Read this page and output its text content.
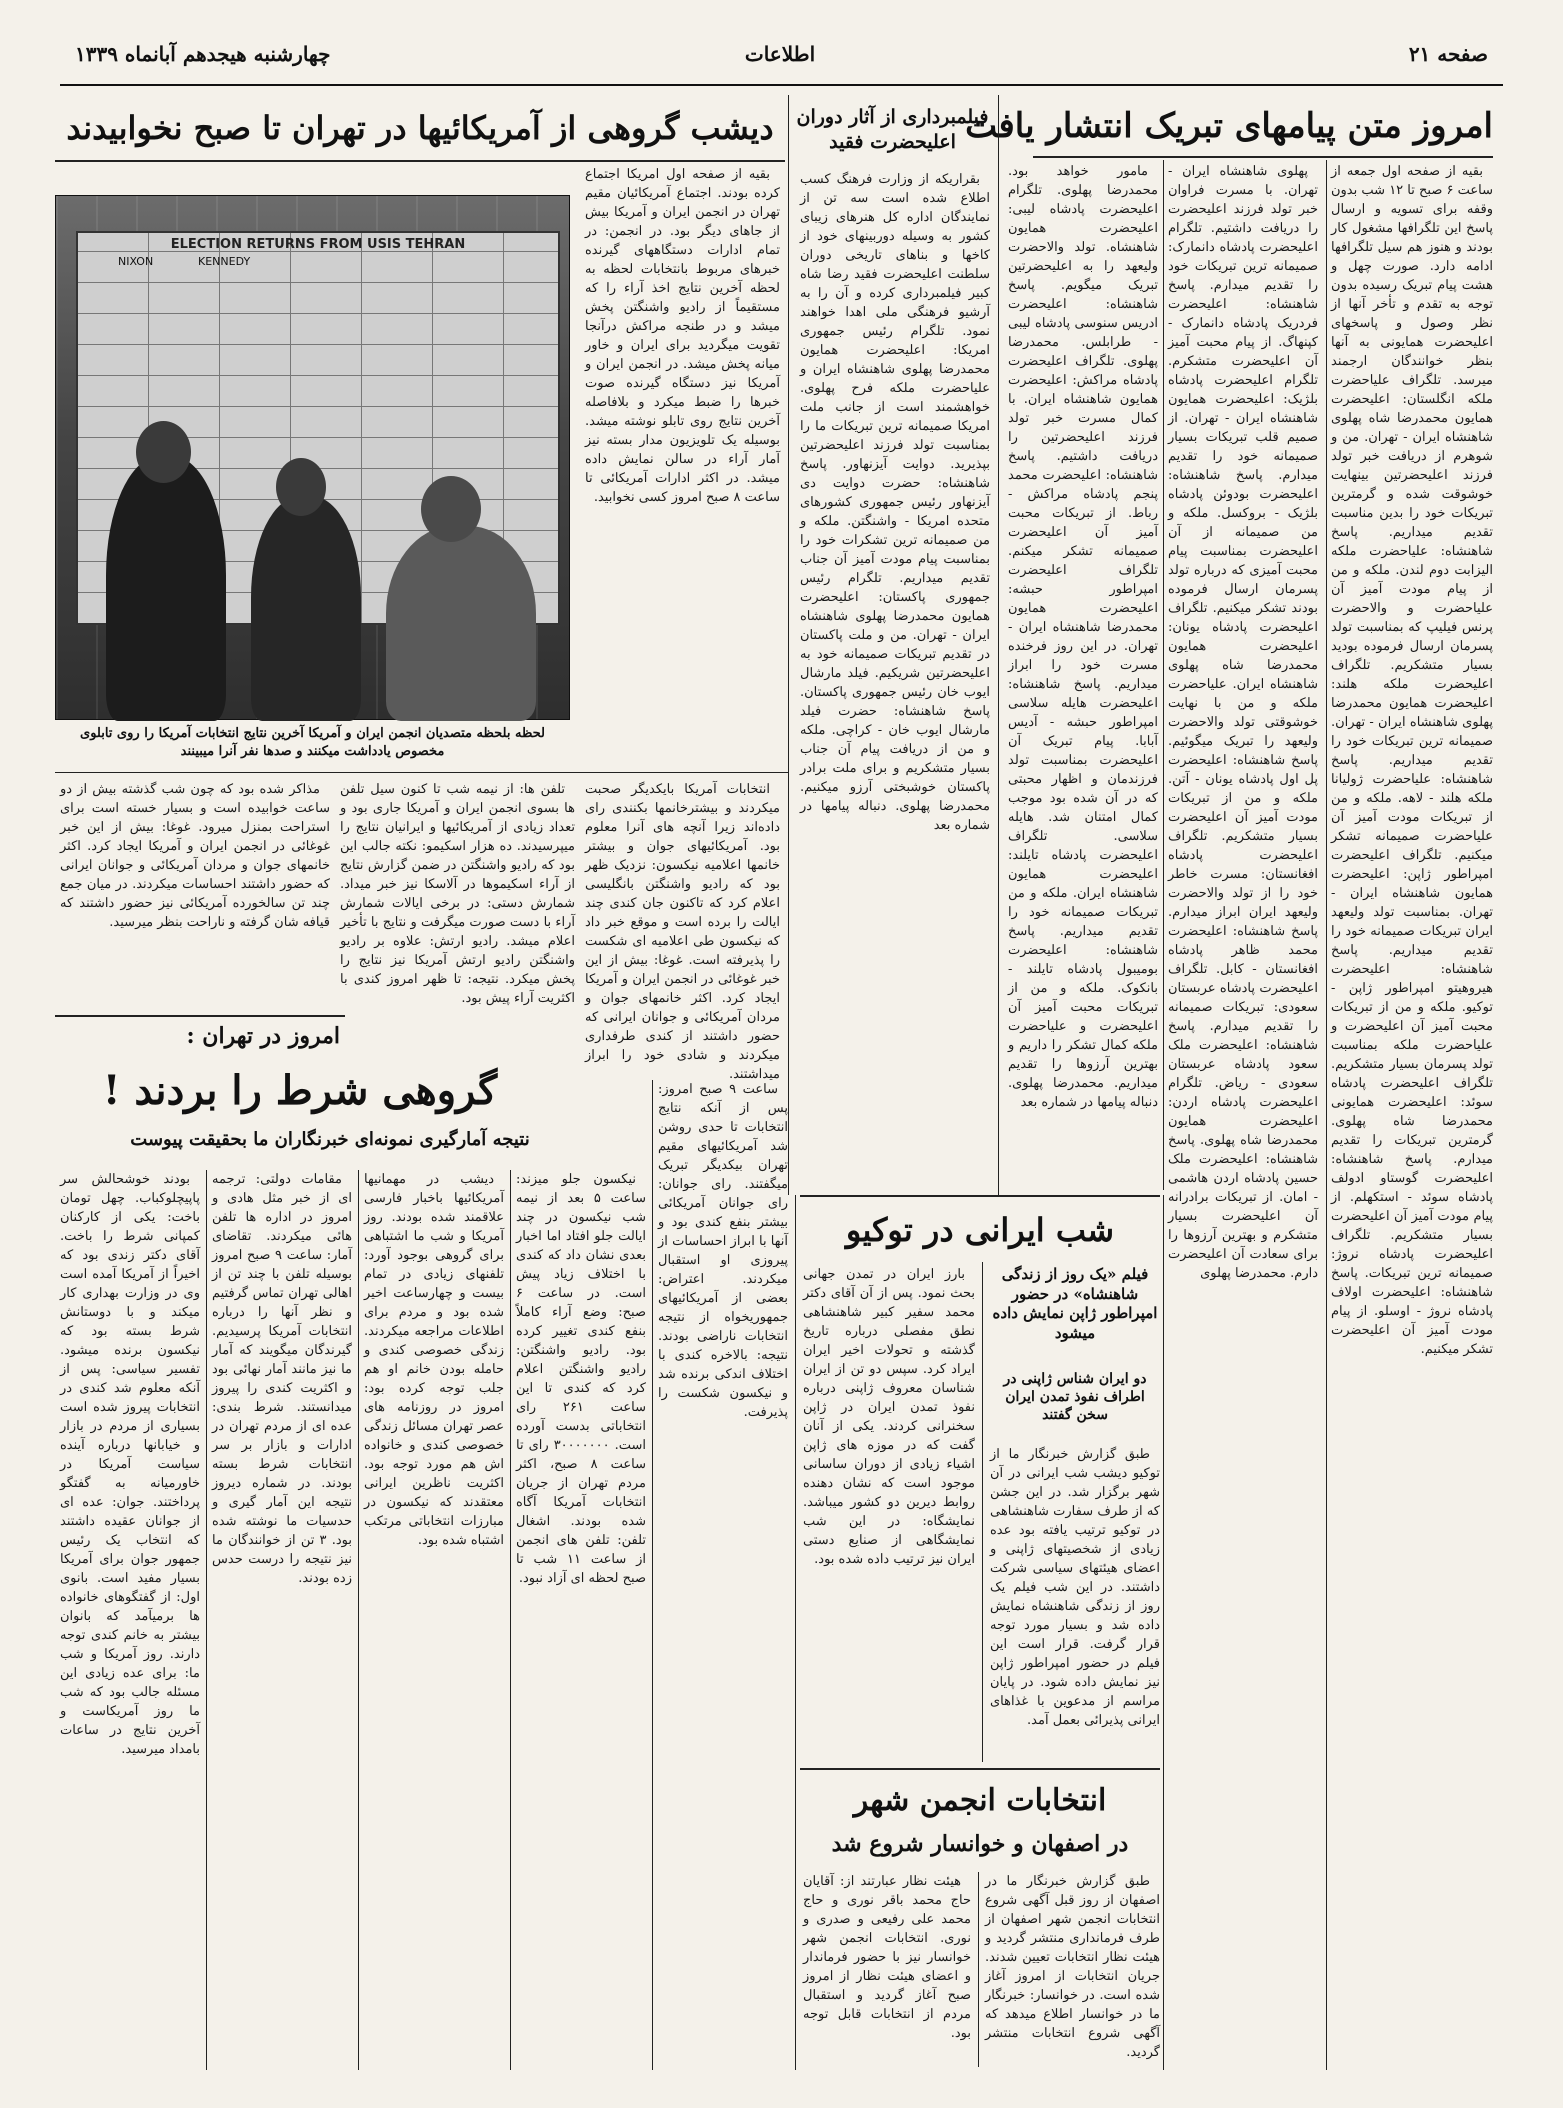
صفحه ۲۱
اطلاعات
چهارشنبه هیجدهم آبانماه ۱۳۳۹
امروز متن پیامهای تبریک انتشار یافت

بقیه از صفحه اول جمعه از ساعت ۶ صبح تا ۱۲ شب بدون وقفه برای تسویه و ارسال پاسخ این تلگرافها مشغول کار بودند و هنوز هم سیل تلگرافها ادامه دارد. صورت چهل و هشت پیام تبریک رسیده بدون توجه به تقدم و تأخر آنها از نظر وصول و پاسخهای اعلیحضرت همایونی به آنها بنظر خوانندگان ارجمند میرسد. تلگراف علیاحضرت ملکه انگلستان: اعلیحضرت همایون محمدرضا شاه پهلوی شاهنشاه ایران - تهران. من و شوهرم از دریافت خبر تولد فرزند اعلیحضرتین بینهایت خوشوقت شده و گرمترین تبریکات خود را بدین مناسبت تقدیم میداریم. پاسخ شاهنشاه: علیاحضرت ملکه الیزابت دوم لندن. ملکه و من از پیام مودت آمیز آن علیاحضرت و والاحضرت پرنس فیلیپ که بمناسبت تولد پسرمان ارسال فرموده بودید بسیار متشکریم. تلگراف اعلیحضرت ملکه هلند: اعلیحضرت همایون محمدرضا پهلوی شاهنشاه ایران - تهران. صمیمانه ترین تبریکات خود را تقدیم میداریم. پاسخ شاهنشاه: علیاحضرت ژولیانا ملکه هلند - لاهه. ملکه و من از تبریکات مودت آمیز آن علیاحضرت صمیمانه تشکر میکنیم. تلگراف اعلیحضرت امپراطور ژاپن: اعلیحضرت همایون شاهنشاه ایران - تهران. بمناسبت تولد ولیعهد ایران تبریکات صمیمانه خود را تقدیم میداریم. پاسخ شاهنشاه: اعلیحضرت هیروهیتو امپراطور ژاپن - توکیو. ملکه و من از تبریکات محبت آمیز آن اعلیحضرت و علیاحضرت ملکه بمناسبت تولد پسرمان بسیار متشکریم. تلگراف اعلیحضرت پادشاه سوئد: اعلیحضرت همایونی محمدرضا شاه پهلوی. گرمترین تبریکات را تقدیم میدارم. پاسخ شاهنشاه: اعلیحضرت گوستاو ادولف پادشاه سوئد - استکهلم. از پیام مودت آمیز آن اعلیحضرت بسیار متشکریم. تلگراف اعلیحضرت پادشاه نروژ: صمیمانه ترین تبریکات. پاسخ شاهنشاه: اعلیحضرت اولاف پادشاه نروژ - اوسلو. از پیام مودت آمیز آن اعلیحضرت تشکر میکنیم.

پهلوی شاهنشاه ایران - تهران. با مسرت فراوان خبر تولد فرزند اعلیحضرت را دریافت داشتیم. تلگرام اعلیحضرت پادشاه دانمارک: صمیمانه ترین تبریکات خود را تقدیم میدارم. پاسخ شاهنشاه: اعلیحضرت فردریک پادشاه دانمارک - کپنهاگ. از پیام محبت آمیز آن اعلیحضرت متشکرم. تلگرام اعلیحضرت پادشاه بلژیک: اعلیحضرت همایون شاهنشاه ایران - تهران. از صمیم قلب تبریکات بسیار صمیمانه خود را تقدیم میدارم. پاسخ شاهنشاه: اعلیحضرت بودوئن پادشاه بلژیک - بروکسل. ملکه و من صمیمانه از آن اعلیحضرت بمناسبت پیام محبت آمیزی که درباره تولد پسرمان ارسال فرموده بودند تشکر میکنیم. تلگراف اعلیحضرت پادشاه یونان: اعلیحضرت همایون محمدرضا شاه پهلوی شاهنشاه ایران. علیاحضرت ملکه و من با نهایت خوشوقتی تولد والاحضرت ولیعهد را تبریک میگوئیم. پاسخ شاهنشاه: اعلیحضرت پل اول پادشاه یونان - آتن. ملکه و من از تبریکات مودت آمیز آن اعلیحضرت بسیار متشکریم. تلگراف اعلیحضرت پادشاه افغانستان: مسرت خاطر خود را از تولد والاحضرت ولیعهد ایران ابراز میدارم. پاسخ شاهنشاه: اعلیحضرت محمد ظاهر پادشاه افغانستان - کابل. تلگراف اعلیحضرت پادشاه عربستان سعودی: تبریکات صمیمانه را تقدیم میدارم. پاسخ شاهنشاه: اعلیحضرت ملک سعود پادشاه عربستان سعودی - ریاض. تلگرام اعلیحضرت پادشاه اردن: اعلیحضرت همایون محمدرضا شاه پهلوی. پاسخ شاهنشاه: اعلیحضرت ملک حسین پادشاه اردن هاشمی - امان. از تبریکات برادرانه آن اعلیحضرت بسیار متشکرم و بهترین آرزوها را برای سعادت آن اعلیحضرت دارم. محمدرضا پهلوی

مامور خواهد بود. محمدرضا پهلوی. تلگرام اعلیحضرت پادشاه لیبی: اعلیحضرت همایون شاهنشاه. تولد والاحضرت ولیعهد را به اعلیحضرتین تبریک میگویم. پاسخ شاهنشاه: اعلیحضرت ادریس سنوسی پادشاه لیبی - طرابلس. محمدرضا پهلوی. تلگراف اعلیحضرت پادشاه مراکش: اعلیحضرت همایون شاهنشاه ایران. با کمال مسرت خبر تولد فرزند اعلیحضرتین را دریافت داشتیم. پاسخ شاهنشاه: اعلیحضرت محمد پنجم پادشاه مراکش - رباط. از تبریکات محبت آمیز آن اعلیحضرت صمیمانه تشکر میکنم. تلگراف اعلیحضرت امپراطور حبشه: اعلیحضرت همایون محمدرضا شاهنشاه ایران - تهران. در این روز فرخنده مسرت خود را ابراز میداریم. پاسخ شاهنشاه: اعلیحضرت هایله سلاسی امپراطور حبشه - آدیس آبابا. پیام تبریک آن اعلیحضرت بمناسبت تولد فرزندمان و اظهار محبتی که در آن شده بود موجب کمال امتنان شد. هایله سلاسی. تلگراف اعلیحضرت پادشاه تایلند: اعلیحضرت همایون شاهنشاه ایران. ملکه و من تبریکات صمیمانه خود را تقدیم میداریم. پاسخ شاهنشاه: اعلیحضرت بومیبول پادشاه تایلند - بانکوک. ملکه و من از تبریکات محبت آمیز آن اعلیحضرت و علیاحضرت ملکه کمال تشکر را داریم و بهترین آرزوها را تقدیم میداریم. محمدرضا پهلوی. دنباله پیامها در شماره بعد

فیلمبرداری از آثار دوران اعلیحضرت فقید

بقراریکه از وزارت فرهنگ کسب اطلاع شده است سه تن از نمایندگان اداره کل هنرهای زیبای کشور به وسیله دوربینهای خود از کاخها و بناهای تاریخی دوران سلطنت اعلیحضرت فقید رضا شاه کبیر فیلمبرداری کرده و آن را به آرشیو فرهنگی ملی اهدا خواهند نمود. تلگرام رئیس جمهوری امریکا: اعلیحضرت همایون محمدرضا پهلوی شاهنشاه ایران و علیاحضرت ملکه فرح پهلوی. خواهشمند است از جانب ملت امریکا صمیمانه ترین تبریکات ما را بمناسبت تولد فرزند اعلیحضرتین بپذیرید. دوایت آیزنهاور. پاسخ شاهنشاه: حضرت دوایت دی آیزنهاور رئیس جمهوری کشورهای متحده امریکا - واشنگتن. ملکه و من صمیمانه ترین تشکرات خود را بمناسبت پیام مودت آمیز آن جناب تقدیم میداریم. تلگرام رئیس جمهوری پاکستان: اعلیحضرت همایون محمدرضا پهلوی شاهنشاه ایران - تهران. من و ملت پاکستان در تقدیم تبریکات صمیمانه خود به اعلیحضرتین شریکیم. فیلد مارشال ایوب خان رئیس جمهوری پاکستان. پاسخ شاهنشاه: حضرت فیلد مارشال ایوب خان - کراچی. ملکه و من از دریافت پیام آن جناب بسیار متشکریم و برای ملت برادر پاکستان خوشبختی آرزو میکنیم. محمدرضا پهلوی. دنباله پیامها در شماره بعد

دیشب گروهی از آمریکائیها در تهران تا صبح نخوابیدند
ELECTION RETURNS FROM USIS TEHRAN
KENNEDY
NIXON
لحظه بلحظه متصدیان انجمن ایران و آمریکا آخرین نتایج انتخابات آمریکا را روی تابلوی مخصوص یادداشت میکنند و صدها نفر آنرا میبینند

بقیه از صفحه اول امریکا اجتماع کرده بودند. اجتماع آمریکائیان مقیم تهران در انجمن ایران و آمریکا بیش از جاهای دیگر بود. در انجمن: در تمام ادارات دستگاههای گیرنده خبرهای مربوط بانتخابات لحظه به لحظه آخرین نتایج اخذ آراء را که مستقیماً از رادیو واشنگتن پخش میشد و در طنجه مراکش درآنجا تقویت میگردید برای ایران و خاور میانه پخش میشد. در انجمن ایران و آمریکا نیز دستگاه گیرنده صوت خبرها را ضبط میکرد و بلافاصله آخرین نتایج روی تابلو نوشته میشد. بوسیله یک تلویزیون مدار بسته نیز آمار آراء در سالن نمایش داده میشد. در اکثر ادارات آمریکائی تا ساعت ۸ صبح امروز کسی نخوابید.

انتخابات آمریکا بایکدیگر صحبت میکردند و بیشترخانمها بکنندی رای داده‌اند زیرا آنچه های آنرا معلوم بود. آمریکائیهای جوان و بیشتر خانمها اعلامیه نیکسون: نزدیک ظهر بود که رادیو واشنگتن بانگلیسی اعلام کرد که تاکنون جان کندی چند ایالت را برده است و موقع خبر داد که نیکسون طی اعلامیه ای شکست را پذیرفته است. غوغا: بیش از این خبر غوغائی در انجمن ایران و آمریکا ایجاد کرد. اکثر خانمهای جوان و مردان آمریکائی و جوانان ایرانی که حضور داشتند از کندی طرفداری میکردند و شادی خود را ابراز میداشتند.

تلفن ها: از نیمه شب تا کنون سیل تلفن ها بسوی انجمن ایران و آمریکا جاری بود و تعداد زیادی از آمریکائیها و ایرانیان نتایج را میپرسیدند. ده هزار اسکیمو: نکته جالب این بود که رادیو واشنگتن در ضمن گزارش نتایج از آراء اسکیموها در آلاسکا نیز خبر میداد. شمارش دستی: در برخی ایالات شمارش آراء با دست صورت میگرفت و نتایج با تأخیر اعلام میشد. رادیو ارتش: علاوه بر رادیو واشنگتن رادیو ارتش آمریکا نیز نتایج را پخش میکرد. نتیجه: تا ظهر امروز کندی با اکثریت آراء پیش بود.

مذاکر شده بود که چون شب گذشته بیش از دو ساعت خوابیده است و بسیار خسته است برای استراحت بمنزل میرود. غوغا: بیش از این خبر غوغائی در انجمن ایران و آمریکا ایجاد کرد. اکثر خانمهای جوان و مردان آمریکائی و جوانان ایرانی که حضور داشتند احساسات میکردند. در میان جمع چند تن سالخورده آمریکائی نیز حضور داشتند که قیافه شان گرفته و ناراحت بنظر میرسید.

امروز در تهران :
گروهی شرط را بردند !
نتیجه آمارگیری نمونه‌ای خبرنگاران ما بحقیقت پیوست

بودند خوشحالش سر پاپیچلوکباب. چهل تومان باخت: یکی از کارکنان کمپانی شرط را باخت. آقای دکتر زندی بود که اخیراً از آمریکا آمده است وی در وزارت بهداری کار میکند و با دوستانش شرط بسته بود که نیکسون برنده میشود. تفسیر سیاسی: پس از آنکه معلوم شد کندی در انتخابات پیروز شده است بسیاری از مردم در بازار و خیابانها درباره آینده سیاست آمریکا در خاورمیانه به گفتگو پرداختند. جوان: عده ای از جوانان عقیده داشتند که انتخاب یک رئیس جمهور جوان برای آمریکا بسیار مفید است. بانوی اول: از گفتگوهای خانواده ها برمیآمد که بانوان بیشتر به خانم کندی توجه دارند. روز آمریکا و شب ما: برای عده زیادی این مسئله جالب بود که شب ما روز آمریکاست و آخرین نتایج در ساعات بامداد میرسید.

مقامات دولتی: ترجمه ای از خبر مثل هادی و امروز در اداره ها تلفن هائی میکردند. تقاضای آمار: ساعت ۹ صبح امروز بوسیله تلفن با چند تن از اهالی تهران تماس گرفتیم و نظر آنها را درباره انتخابات آمریکا پرسیدیم. گیرندگان میگویند که آمار ما نیز مانند آمار نهائی بود و اکثریت کندی را پیروز میدانستند. شرط بندی: عده ای از مردم تهران در ادارات و بازار بر سر انتخابات شرط بسته بودند. در شماره دیروز نتیجه این آمار گیری و حدسیات ما نوشته شده بود. ۳ تن از خوانندگان ما نیز نتیجه را درست حدس زده بودند.

دیشب در مهمانیها آمریکائیها باخبار فارسی علاقمند شده بودند. روز آمریکا و شب ما اشتباهی برای گروهی بوجود آورد: تلفنهای زیادی در تمام بیست و چهارساعت اخیر شده بود و مردم برای اطلاعات مراجعه میکردند. زندگی خصوصی کندی و حامله بودن خانم او هم جلب توجه کرده بود: امروز در روزنامه های عصر تهران مسائل زندگی خصوصی کندی و خانواده اش هم مورد توجه بود. اکثریت ناظرین ایرانی معتقدند که نیکسون در مبارزات انتخاباتی مرتکب اشتباه شده بود.

نیکسون جلو میزند: ساعت ۵ بعد از نیمه شب نیکسون در چند ایالت جلو افتاد اما اخبار بعدی نشان داد که کندی با اختلاف زیاد پیش است. در ساعت ۶ صبح: وضع آراء کاملاً بنفع کندی تغییر کرده بود. رادیو واشنگتن: رادیو واشنگتن اعلام کرد که کندی تا این ساعت ۲۶۱ رای انتخاباتی بدست آورده است. ۳۰۰۰۰۰۰۰ رای تا ساعت ۸ صبح، اکثر مردم تهران از جریان انتخابات آمریکا آگاه شده بودند. اشغال تلفن: تلفن های انجمن از ساعت ۱۱ شب تا صبح لحظه ای آزاد نبود.

ساعت ۹ صبح امروز: پس از آنکه نتایج انتخابات تا حدی روشن شد آمریکائیهای مقیم تهران بیکدیگر تبریک میگفتند. رای جوانان: رای جوانان آمریکائی بیشتر بنفع کندی بود و آنها با ابراز احساسات از پیروزی او استقبال میکردند. اعتراض: بعضی از آمریکائیهای جمهوریخواه از نتیجه انتخابات ناراضی بودند. نتیجه: بالاخره کندی با اختلاف اندکی برنده شد و نیکسون شکست را پذیرفت.

شب ایرانی در توکیو
فیلم «یک روز از زندگی شاهنشاه» در حضور امپراطور ژاپن نمایش داده میشود
دو ایران شناس ژاپنی در اطراف نفوذ تمدن ایران سخن گفتند

طبق گزارش خبرنگار ما از توکیو دیشب شب ایرانی در آن شهر برگزار شد. در این جشن که از طرف سفارت شاهنشاهی در توکیو ترتیب یافته بود عده زیادی از شخصیتهای ژاپنی و اعضای هیئتهای سیاسی شرکت داشتند. در این شب فیلم یک روز از زندگی شاهنشاه نمایش داده شد و بسیار مورد توجه قرار گرفت. قرار است این فیلم در حضور امپراطور ژاپن نیز نمایش داده شود. در پایان مراسم از مدعوین با غذاهای ایرانی پذیرائی بعمل آمد.

بارز ایران در تمدن جهانی بحث نمود. پس از آن آقای دکتر محمد سفیر کبیر شاهنشاهی نطق مفصلی درباره تاریخ گذشته و تحولات اخیر ایران ایراد کرد. سپس دو تن از ایران شناسان معروف ژاپنی درباره نفوذ تمدن ایران در ژاپن سخنرانی کردند. یکی از آنان گفت که در موزه های ژاپن اشیاء زیادی از دوران ساسانی موجود است که نشان دهنده روابط دیرین دو کشور میباشد. نمایشگاه: در این شب نمایشگاهی از صنایع دستی ایران نیز ترتیب داده شده بود.

انتخابات انجمن شهر
در اصفهان و خوانسار شروع شد

طبق گزارش خبرنگار ما در اصفهان از روز قبل آگهی شروع انتخابات انجمن شهر اصفهان از طرف فرمانداری منتشر گردید و هیئت نظار انتخابات تعیین شدند. جریان انتخابات از امروز آغاز شده است. در خوانسار: خبرنگار ما در خوانسار اطلاع میدهد که آگهی شروع انتخابات منتشر گردید.

هیئت نظار عبارتند از: آقایان حاج محمد باقر نوری و حاج محمد علی رفیعی و صدری و نوری. انتخابات انجمن شهر خوانسار نیز با حضور فرماندار و اعضای هیئت نظار از امروز صبح آغاز گردید و استقبال مردم از انتخابات قابل توجه بود.
